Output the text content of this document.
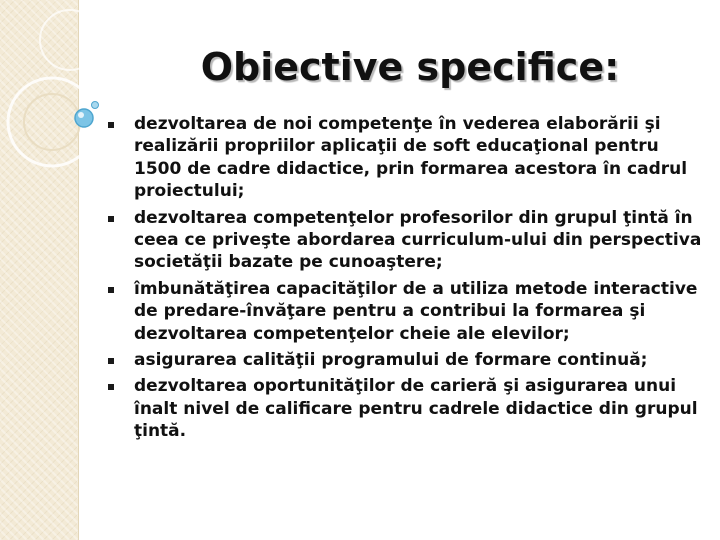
Obiective specifice:
dezvoltarea de noi competenţe în vederea elaborării şi realizării propriilor aplicaţii de soft educaţional pentru 1500 de cadre didactice, prin formarea acestora în cadrul proiectului;
dezvoltarea competenţelor profesorilor din grupul ţintă în ceea ce priveşte abordarea curriculum-ului din perspectiva societăţii bazate pe cunoaştere;
îmbunătăţirea capacităţilor de a utiliza metode interactive de predare-învăţare pentru a contribui la formarea şi dezvoltarea competenţelor cheie ale elevilor;
asigurarea calităţii programului de formare continuă;
dezvoltarea oportunităţilor de carieră şi asigurarea unui înalt nivel de calificare pentru cadrele didactice din grupul ţintă.
